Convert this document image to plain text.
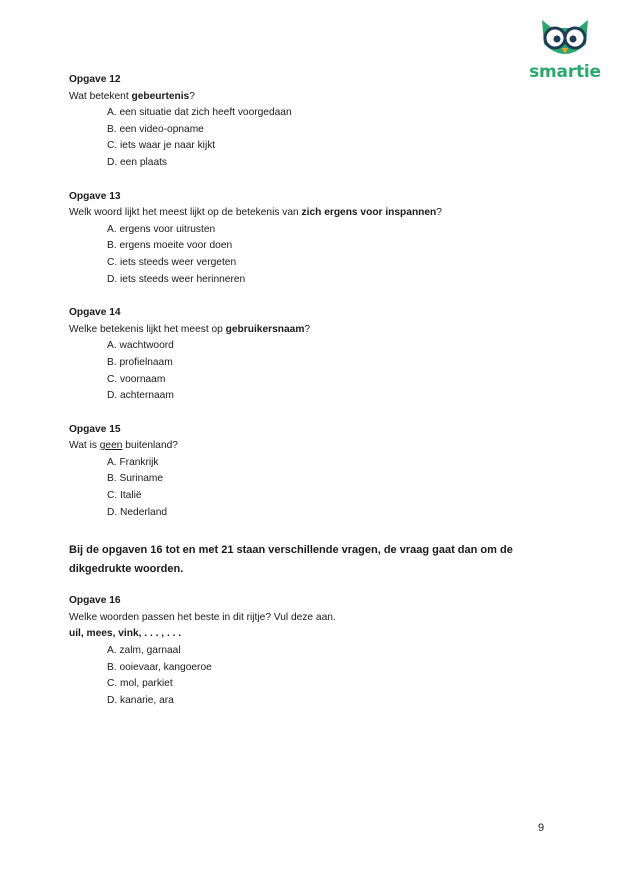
smartie
Opgave 12
Wat betekent gebeurtenis?
A. een situatie dat zich heeft voorgedaan
B. een video-opname
C. iets waar je naar kijkt
D. een plaats
Opgave 13
Welk woord lijkt het meest lijkt op de betekenis van zich ergens voor inspannen?
A. ergens voor uitrusten
B. ergens moeite voor doen
C. iets steeds weer vergeten
D. iets steeds weer herinneren
Opgave 14
Welke betekenis lijkt het meest op gebruikersnaam?
A. wachtwoord
B. profielnaam
C. voornaam
D. achternaam
Opgave 15
Wat is geen buitenland?
A. Frankrijk
B. Suriname
C. Italië
D. Nederland
Bij de opgaven 16 tot en met 21 staan verschillende vragen, de vraag gaat dan om de dikgedrukte woorden.
Opgave 16
Welke woorden passen het beste in dit rijtje? Vul deze aan.
uil, mees, vink, . . . , . . .
A. zalm, garnaal
B. ooievaar, kangoeroe
C. mol, parkiet
D. kanarie, ara
9
